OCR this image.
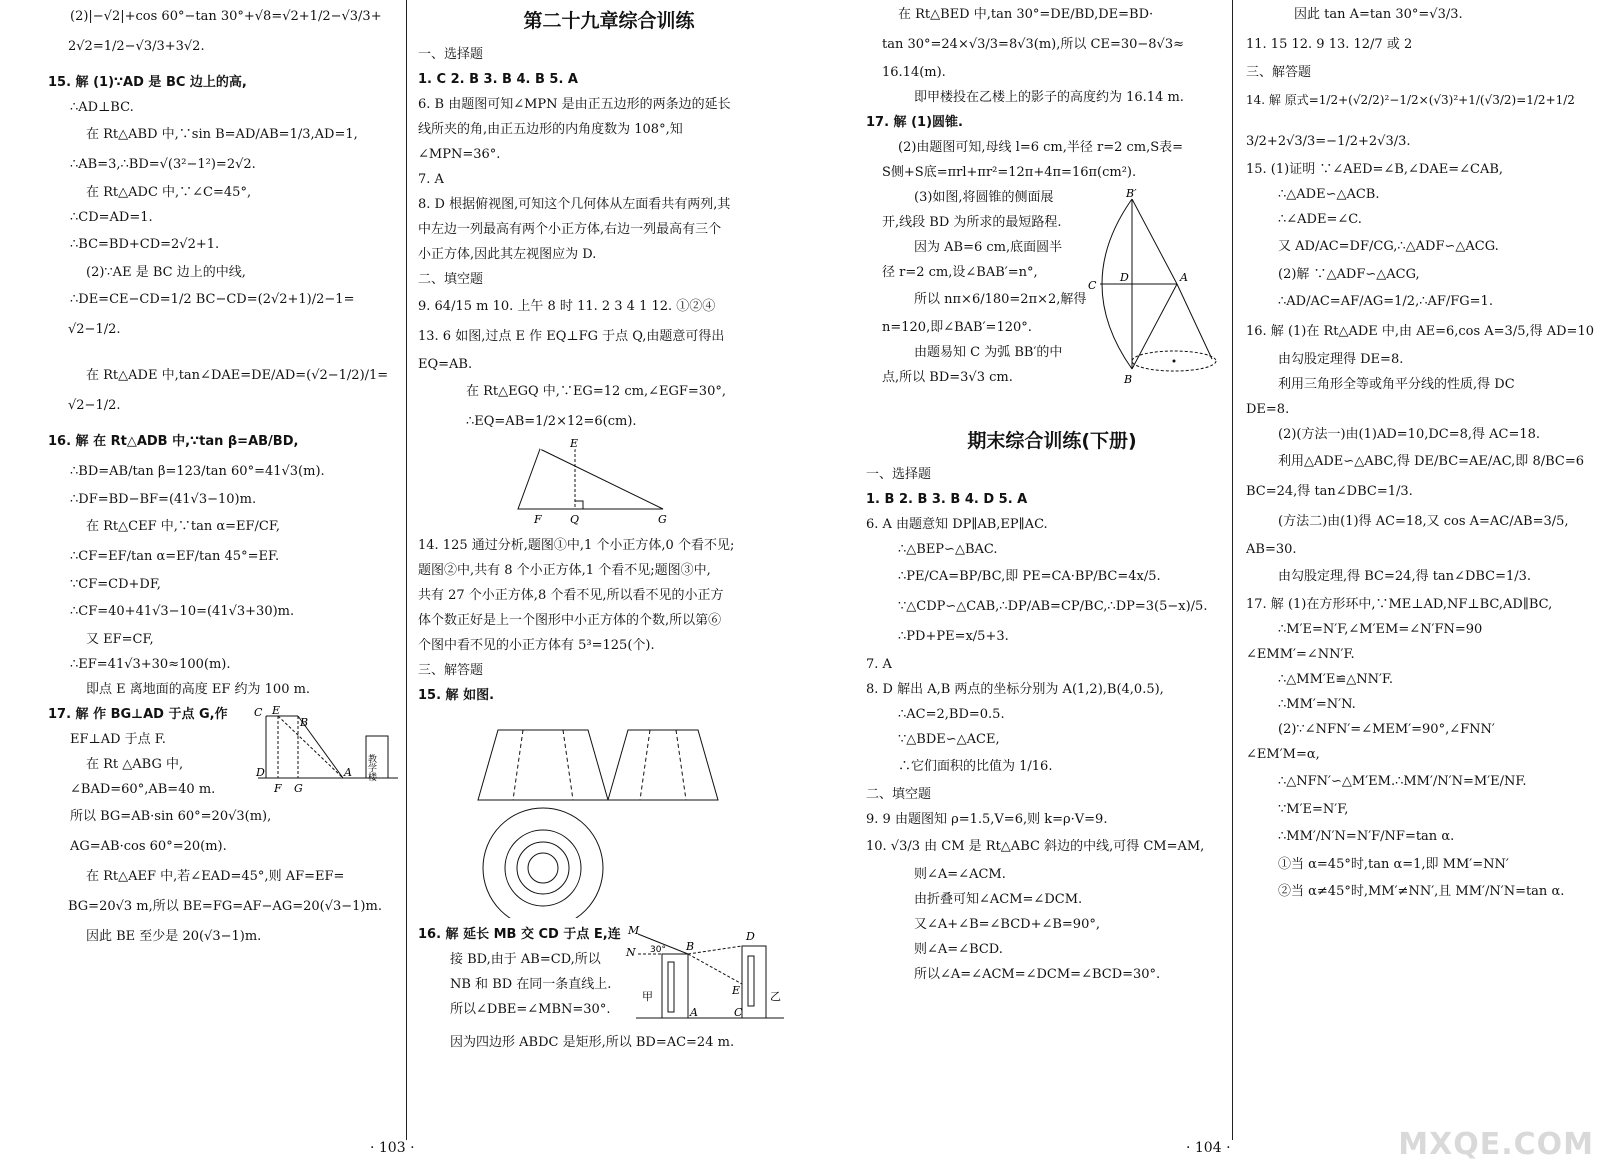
(2)|−√2|+cos 60°−tan 30°+√8=√2+1/2−√3/3+
2√2=1/2−√3/3+3√2.
15. 解 (1)∵AD 是 BC 边上的高,
∴AD⊥BC.
在 Rt△ABD 中,∵sin B=AD/AB=1/3,AD=1,
∴AB=3,∴BD=√(3²−1²)=2√2.
在 Rt△ADC 中,∵∠C=45°,
∴CD=AD=1.
∴BC=BD+CD=2√2+1.
(2)∵AE 是 BC 边上的中线,
∴DE=CE−CD=1/2 BC−CD=(2√2+1)/2−1=
√2−1/2.
在 Rt△ADE 中,tan∠DAE=DE/AD=(√2−1/2)/1=
√2−1/2.
16. 解 在 Rt△ADB 中,∵tan β=AB/BD,
∴BD=AB/tan β=123/tan 60°=41√3(m).
∴DF=BD−BF=(41√3−10)m.
在 Rt△CEF 中,∵tan α=EF/CF,
∴CF=EF/tan α=EF/tan 45°=EF.
∵CF=CD+DF,
∴CF=40+41√3−10=(41√3+30)m.
又 EF=CF,
∴EF=41√3+30≈100(m).
即点 E 离地面的高度 EF 约为 100 m.
17. 解 作 BG⊥AD 于点 G,作
EF⊥AD 于点 F.
在 Rt △ABG 中,
∠BAD=60°,AB=40 m.
C E
B
D
F G
A 教学楼
所以 BG=AB·sin 60°=20√3(m),
AG=AB·cos 60°=20(m).
在 Rt△AEF 中,若∠EAD=45°,则 AF=EF=
BG=20√3 m,所以 BE=FG=AF−AG=20(√3−1)m.
因此 BE 至少是 20(√3−1)m.
第二十九章综合训练
一、选择题
1. C 2. B 3. B 4. B 5. A
6. B 由题图可知∠MPN 是由正五边形的两条边的延长
线所夹的角,由正五边形的内角度数为 108°,知
∠MPN=36°.
7. A
8. D 根据俯视图,可知这个几何体从左面看共有两列,其
中左边一列最高有两个小正方体,右边一列最高有三个
小正方体,因此其左视图应为 D.
二、填空题
9. 64/15 m 10. 上午 8 时 11. 2 3 4 1 12. ①②④
13. 6 如图,过点 E 作 EQ⊥FG 于点 Q,由题意可得出
EQ=AB.
在 Rt△EGQ 中,∵EG=12 cm,∠EGF=30°,
∴EQ=AB=1/2×12=6(cm).
E
F	Q	G
14. 125 通过分析,题图①中,1 个小正方体,0 个看不见;
题图②中,共有 8 个小正方体,1 个看不见;题图③中,
共有 27 个小正方体,8 个看不见,所以看不见的小正方
体个数正好是上一个图形中小正方体的个数,所以第⑥
个图中看不见的小正方体有 5³=125(个).
三、解答题
15. 解 如图.
16. 解 延长 MB 交 CD 于点 E,连
接 BD,由于 AB=CD,所以
NB 和 BD 在同一条直线上.
所以∠DBE=∠MBN=30°.
M
N 30° B
D
E
甲	乙
A	C
因为四边形 ABDC 是矩形,所以 BD=AC=24 m.
在 Rt△BED 中,tan 30°=DE/BD,DE=BD·
tan 30°=24×√3/3=8√3(m),所以 CE=30−8√3≈
16.14(m).
即甲楼投在乙楼上的影子的高度约为 16.14 m.
17. 解 (1)圆锥.
(2)由题图可知,母线 l=6 cm,半径 r=2 cm,S表=
S侧+S底=πrl+πr²=12π+4π=16π(cm²).
(3)如图,将圆锥的侧面展
开,线段 BD 为所求的最短路程.
因为 AB=6 cm,底面圆半
径 r=2 cm,设∠BAB′=n°,
所以 nπ×6/180=2π×2,解得
n=120,即∠BAB′=120°.
由题易知 C 为弧 BB′的中
点,所以 BD=3√3 cm.
B′
D	A
C
B
期末综合训练(下册)
一、选择题
1. B 2. B 3. B 4. D 5. A
6. A 由题意知 DP∥AB,EP∥AC.
∴△BEP∽△BAC.
∴PE/CA=BP/BC,即 PE=CA·BP/BC=4x/5.
∵△CDP∽△CAB,∴DP/AB=CP/BC,∴DP=3(5−x)/5.
∴PD+PE=x/5+3.
7. A
8. D 解出 A,B 两点的坐标分别为 A(1,2),B(4,0.5),
∴AC=2,BD=0.5.
∵△BDE∽△ACE,
∴它们面积的比值为 1/16.
二、填空题
9. 9 由题图知 ρ=1.5,V=6,则 k=ρ·V=9.
10. √3/3 由 CM 是 Rt△ABC 斜边的中线,可得 CM=AM,
则∠A=∠ACM.
由折叠可知∠ACM=∠DCM.
又∠A+∠B=∠BCD+∠B=90°,
则∠A=∠BCD.
所以∠A=∠ACM=∠DCM=∠BCD=30°.
因此 tan A=tan 30°=√3/3.
11. 15 12. 9 13. 12/7 或 2
三、解答题
14. 解 原式=1/2+(√2/2)²−1/2×(√3)²+1/(√3/2)=1/2+1/2
3/2+2√3/3=−1/2+2√3/3.
15. (1)证明 ∵∠AED=∠B,∠DAE=∠CAB,
∴△ADE∽△ACB.
∴∠ADE=∠C.
又 AD/AC=DF/CG,∴△ADF∽△ACG.
(2)解 ∵△ADF∽△ACG,
∴AD/AC=AF/AG=1/2,∴AF/FG=1.
16. 解 (1)在 Rt△ADE 中,由 AE=6,cos A=3/5,得 AD=10
由勾股定理得 DE=8.
利用三角形全等或角平分线的性质,得 DC
DE=8.
(2)(方法一)由(1)AD=10,DC=8,得 AC=18.
利用△ADE∽△ABC,得 DE/BC=AE/AC,即 8/BC=6
BC=24,得 tan∠DBC=1/3.
(方法二)由(1)得 AC=18,又 cos A=AC/AB=3/5,
AB=30.
由勾股定理,得 BC=24,得 tan∠DBC=1/3.
17. 解 (1)在方形环中,∵ME⊥AD,NF⊥BC,AD∥BC,
∴M′E=N′F,∠M′EM=∠N′FN=90
∠EMM′=∠NN′F.
∴△MM′E≌△NN′F.
∴MM′=N′N.
(2)∵∠NFN′=∠MEM′=90°,∠FNN′
∠EM′M=α,
∴△NFN′∽△M′EM.∴MM′/N′N=M′E/NF.
∵M′E=N′F,
∴MM′/N′N=N′F/NF=tan α.
①当 α=45°时,tan α=1,即 MM′=NN′
②当 α≠45°时,MM′≠NN′,且 MM′/N′N=tan α.
· 103 ·	· 104 ·	MXQE.COM
